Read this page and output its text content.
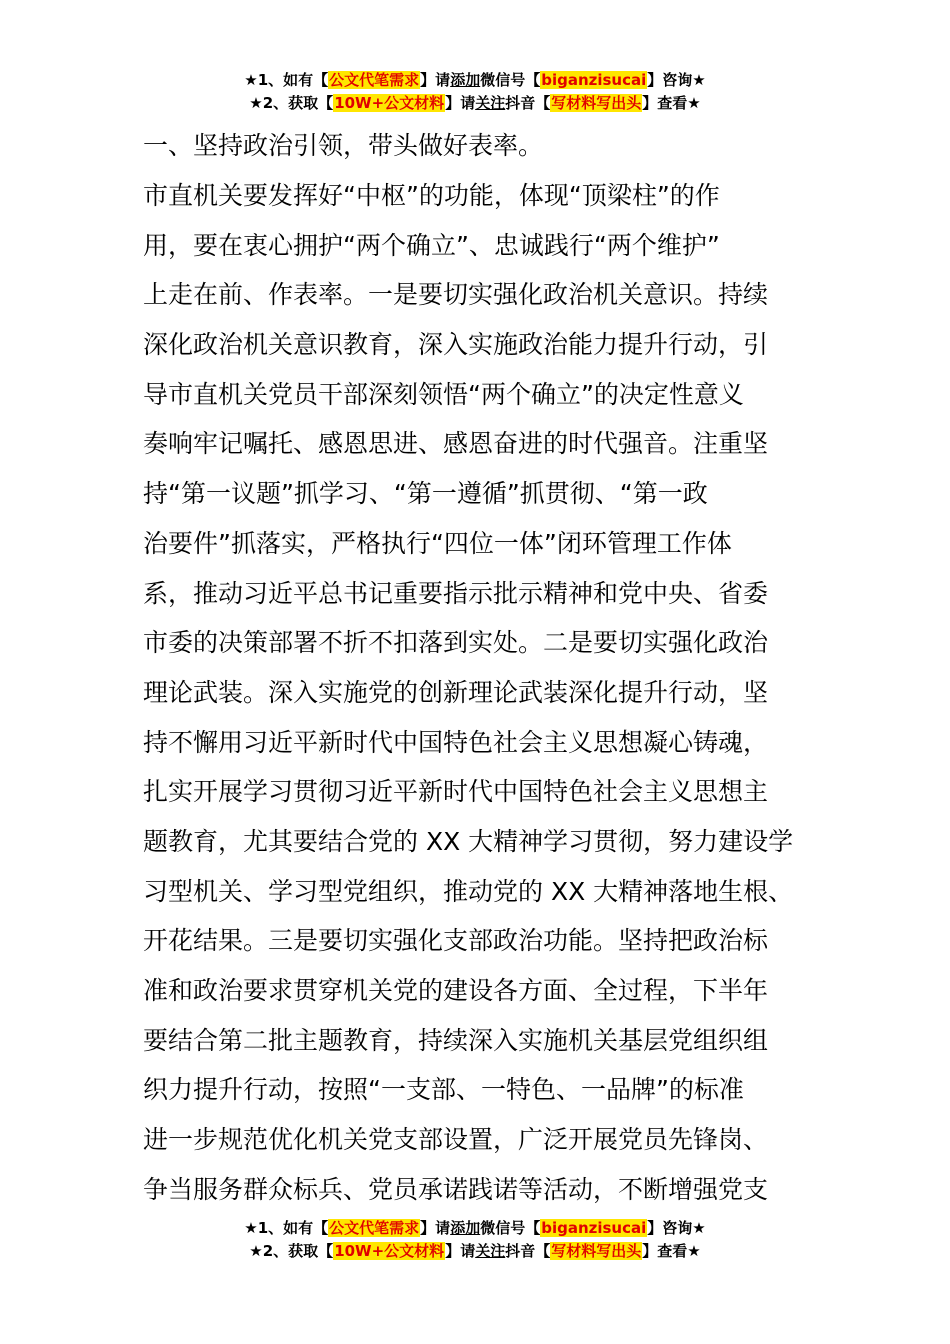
★1、如有【公文代笔需求】请添加微信号【biganzisucai】咨询★
★2、获取【10W+公文材料】请关注抖音【写材料写出头】查看★
一、坚持政治引领，带头做好表率。
市直机关要发挥好“中枢”的功能，体现“顶梁柱”的作
用，要在衷心拥护“两个确立”、忠诚践行“两个维护”
上走在前、作表率。一是要切实强化政治机关意识。持续
深化政治机关意识教育，深入实施政治能力提升行动，引
导市直机关党员干部深刻领悟“两个确立”的决定性意义
奏响牢记嘱托、感恩思进、感恩奋进的时代强音。注重坚
持“第一议题”抓学习、“第一遵循”抓贯彻、“第一政
治要件”抓落实，严格执行“四位一体”闭环管理工作体
系，推动习近平总书记重要指示批示精神和党中央、省委
市委的决策部署不折不扣落到实处。二是要切实强化政治
理论武装。深入实施党的创新理论武装深化提升行动，坚
持不懈用习近平新时代中国特色社会主义思想凝心铸魂，
扎实开展学习贯彻习近平新时代中国特色社会主义思想主
题教育，尤其要结合党的 XX 大精神学习贯彻，努力建设学
习型机关、学习型党组织，推动党的 XX 大精神落地生根、
开花结果。三是要切实强化支部政治功能。坚持把政治标
准和政治要求贯穿机关党的建设各方面、全过程，下半年
要结合第二批主题教育，持续深入实施机关基层党组织组
织力提升行动，按照“一支部、一特色、一品牌”的标准
进一步规范优化机关党支部设置，广泛开展党员先锋岗、
争当服务群众标兵、党员承诺践诺等活动，不断增强党支
★1、如有【公文代笔需求】请添加微信号【biganzisucai】咨询★
★2、获取【10W+公文材料】请关注抖音【写材料写出头】查看★
